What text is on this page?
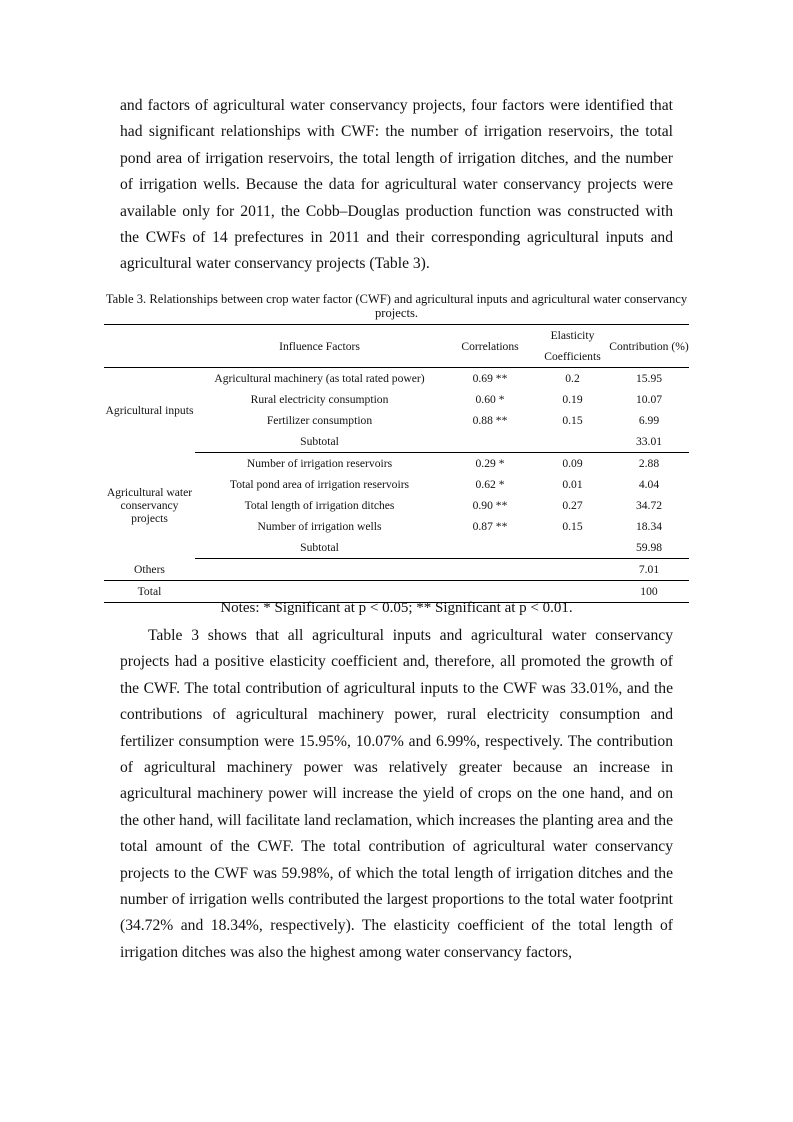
and factors of agricultural water conservancy projects, four factors were identified that had significant relationships with CWF: the number of irrigation reservoirs, the total pond area of irrigation reservoirs, the total length of irrigation ditches, and the number of irrigation wells. Because the data for agricultural water conservancy projects were available only for 2011, the Cobb–Douglas production function was constructed with the CWFs of 14 prefectures in 2011 and their corresponding agricultural inputs and agricultural water conservancy projects (Table 3).

Table 3. Relationships between crop water factor (CWF) and agricultural inputs and agricultural water conservancy projects.

	Influence Factors	Correlations	Elasticity Coefficients	Contribution (%)
Agricultural inputs	Agricultural machinery (as total rated power)	0.69 **	0.2	15.95
	Rural electricity consumption	0.60 *	0.19	10.07
	Fertilizer consumption	0.88 **	0.15	6.99
	Subtotal			33.01
Agricultural water conservancy projects	Number of irrigation reservoirs	0.29 *	0.09	2.88
	Total pond area of irrigation reservoirs	0.62 *	0.01	4.04
	Total length of irrigation ditches	0.90 **	0.27	34.72
	Number of irrigation wells	0.87 **	0.15	18.34
	Subtotal			59.98
Others				7.01
Total				100

Notes: * Significant at p < 0.05; ** Significant at p < 0.01.

Table 3 shows that all agricultural inputs and agricultural water conservancy projects had a positive elasticity coefficient and, therefore, all promoted the growth of the CWF. The total contribution of agricultural inputs to the CWF was 33.01%, and the contributions of agricultural machinery power, rural electricity consumption and fertilizer consumption were 15.95%, 10.07% and 6.99%, respectively. The contribution of agricultural machinery power was relatively greater because an increase in agricultural machinery power will increase the yield of crops on the one hand, and on the other hand, will facilitate land reclamation, which increases the planting area and the total amount of the CWF. The total contribution of agricultural water conservancy projects to the CWF was 59.98%, of which the total length of irrigation ditches and the number of irrigation wells contributed the largest proportions to the total water footprint (34.72% and 18.34%, respectively). The elasticity coefficient of the total length of irrigation ditches was also the highest among water conservancy factors,
